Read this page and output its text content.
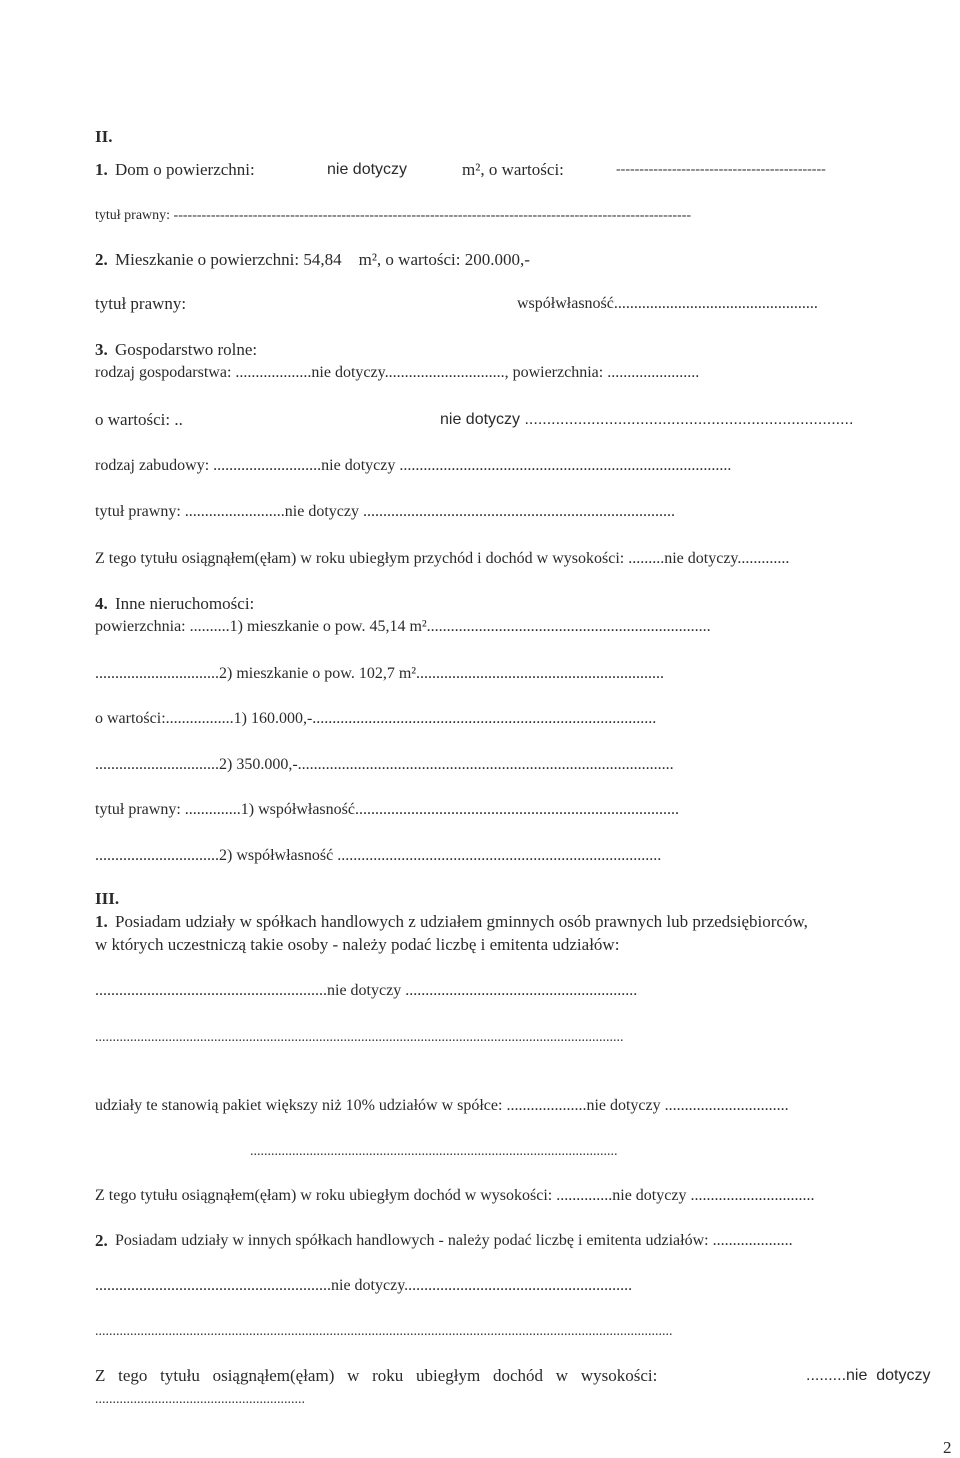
II.
1. Dom o powierzchni:	nie dotyczy	m², o wartości:	---------------------------------------------
tytuł prawny: ---------------------------------------------------------------------------------------------------------------
2. Mieszkanie o powierzchni: 54,84    m², o wartości: 200.000,-
tytuł prawny:	współwłasność...................................................
3. Gospodarstwo rolne:
rodzaj gospodarstwa: ...................nie dotyczy.............................., powierzchnia: .......................
o wartości: ..	nie dotyczy ..........................................................................
rodzaj zabudowy: ...........................nie dotyczy ...................................................................................
tytuł prawny: .........................nie dotyczy ..............................................................................
Z tego tytułu osiągnąłem(ęłam) w roku ubiegłym przychód i dochód w wysokości: .........nie dotyczy.............
4. Inne nieruchomości:
powierzchnia: ..........1) mieszkanie o pow. 45,14 m².......................................................................
...............................2) mieszkanie o pow. 102,7 m²..............................................................
o wartości:.................1) 160.000,-......................................................................................
...............................2) 350.000,-..............................................................................................
tytuł prawny: ..............1) współwłasność.................................................................................
...............................2) współwłasność .................................................................................
III.
1. Posiadam udziały w spółkach handlowych z udziałem gminnych osób prawnych lub przedsiębiorców,
w których uczestniczą takie osoby - należy podać liczbę i emitenta udziałów:
..........................................................nie dotyczy ..........................................................
.......................................................................................................................................................
udziały te stanowią pakiet większy niż 10% udziałów w spółce: ....................nie dotyczy ...............................
.........................................................................................................
Z tego tytułu osiągnąłem(ęłam) w roku ubiegłym dochód w wysokości: ..............nie dotyczy ...............................
2. Posiadam udziały w innych spółkach handlowych - należy podać liczbę i emitenta udziałów: ....................
...........................................................nie dotyczy.........................................................
.....................................................................................................................................................................
Z   tego   tytułu   osiągnąłem(ęłam)   w   roku   ubiegłym   dochód   w   wysokości:	.........nie  dotyczy
............................................................
2
